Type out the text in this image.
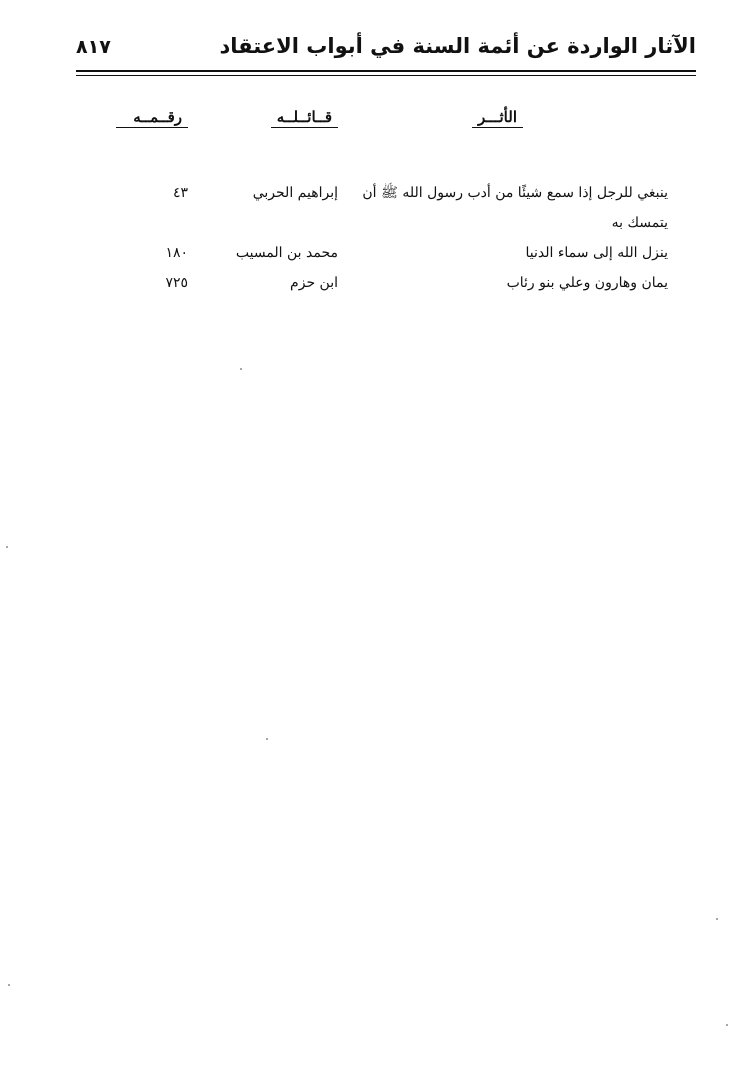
الآثار الواردة عن أئمة السنة في أبواب الاعتقاد
٨١٧
الأثـــر
قــائــلــه
رقــمــه
ينبغي للرجل إذا سمع شيئًا من أدب رسول الله ﷺ أن
يتمسك به
إبراهيم الحربي
٤٣
ينزل الله إلى سماء الدنيا
محمد بن المسيب
١٨٠
يمان وهارون وعلي بنو رئاب
ابن حزم
٧٢٥
